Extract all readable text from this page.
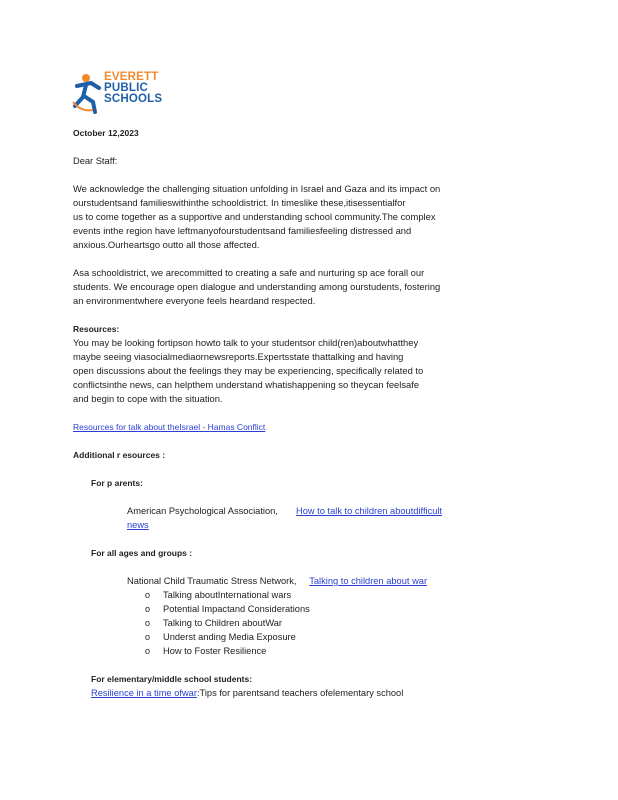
EVERETT
PUBLIC
SCHOOLS
October 12,2023
Dear Staff:
We acknowledge the challenging situation unfolding in Israel and Gaza and its impact on
ourstudentsand familieswithinthe schooldistrict. In timeslike these,itisessentialfor
us to come together as a supportive and understanding school community.The complex
events inthe region have leftmanyofourstudentsand familiesfeeling distressed and
anxious.Ourheartsgo outto all those affected.
Asa schooldistrict, we arecommitted to creating a safe and nurturing sp ace forall our
students. We encourage open dialogue and understanding among ourstudents, fostering
an environmentwhere everyone feels heardand respected.
Resources:
You may be looking fortipson howto talk to your studentsor child(ren)aboutwhatthey
maybe seeing viasocialmediaornewsreports.Expertsstate thattalking and having
open discussions about the feelings they may be experiencing, specifically related to
conflictsinthe news, can helpthem understand whatishappening so theycan feelsafe
and begin to cope with the situation.
Resources for talk about theIsrael - Hamas Conflict
Additional r esources :
For p arents:
American Psychological Association, How to talk to children aboutdifficult
news
For all ages and groups :
National Child Traumatic Stress Network, Talking to children about war
o Talking aboutInternational wars
o Potential Impactand Considerations
o Talking to Children aboutWar
o Underst anding Media Exposure
o How to Foster Resilience
For elementary/middle school students:
Resilience in a time ofwar:Tips for parentsand teachers ofelementary school
